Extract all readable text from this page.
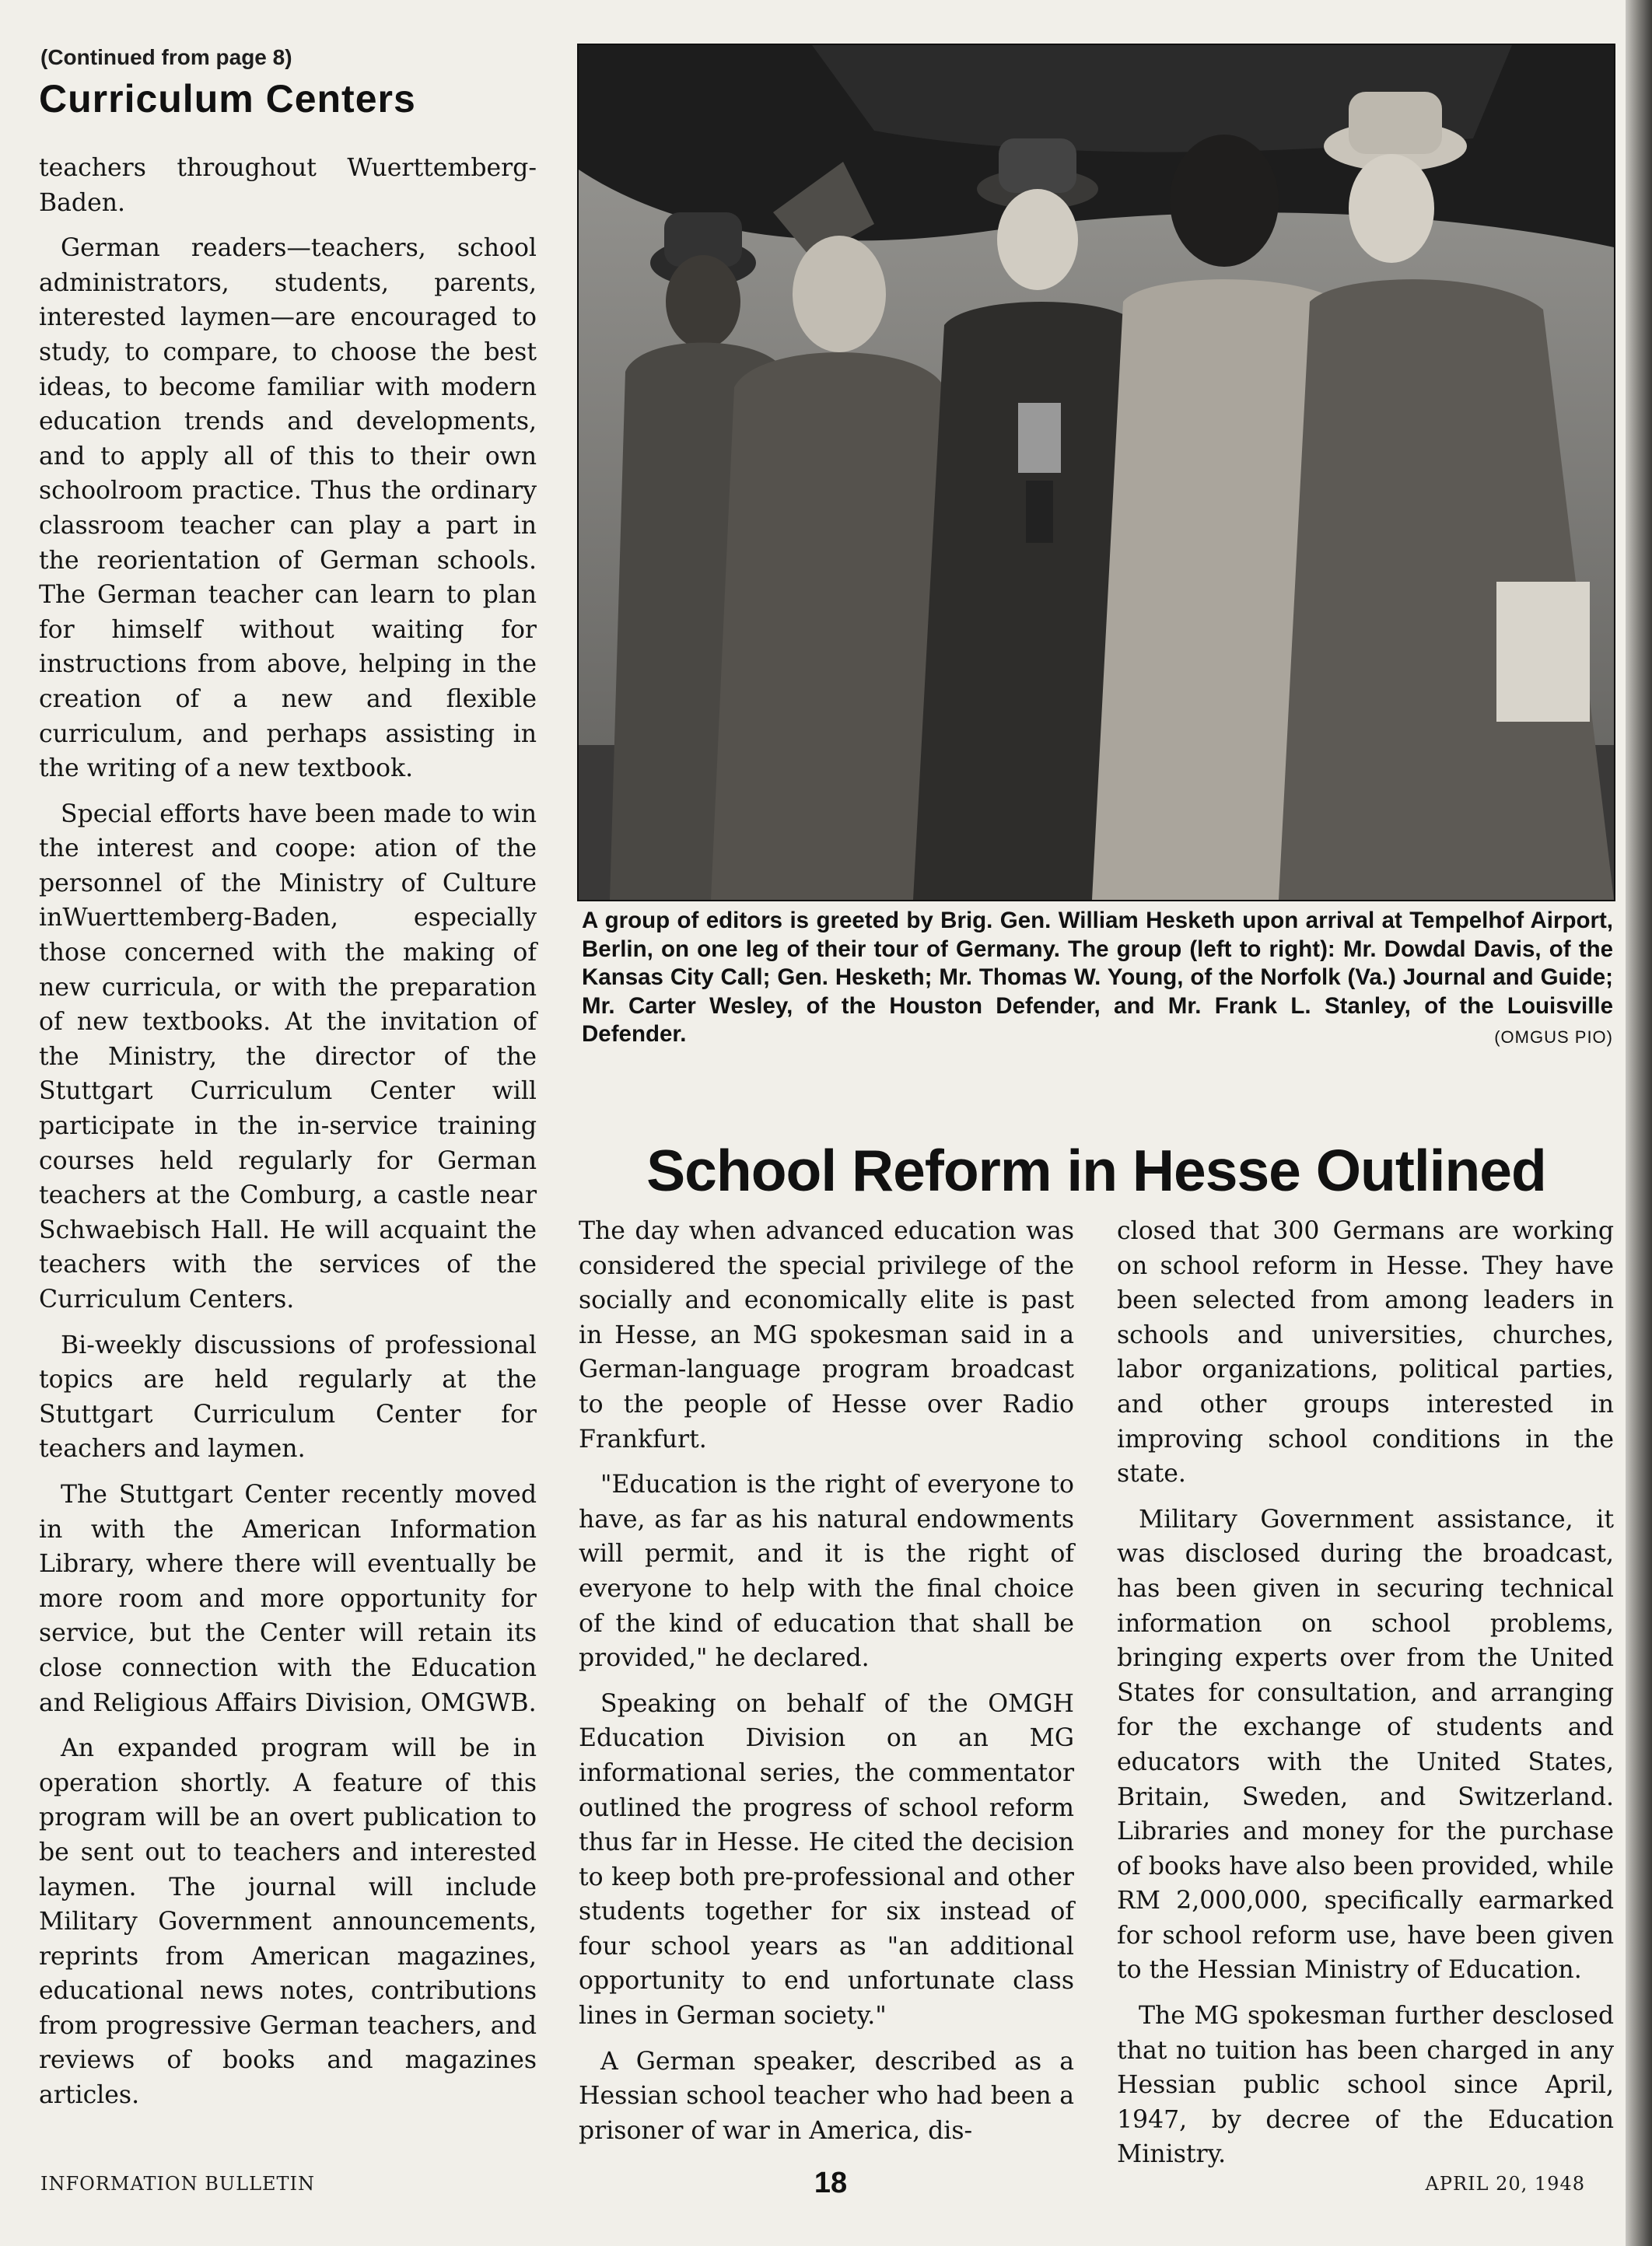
(Continued from page 8)
Curriculum Centers

teachers throughout Wuerttemberg-Baden.

German readers—teachers, school administrators, students, parents, interested laymen—are encouraged to study, to compare, to choose the best ideas, to become familiar with modern education trends and developments, and to apply all of this to their own schoolroom practice. Thus the ordinary classroom teacher can play a part in the reorientation of German schools. The German teacher can learn to plan for himself without waiting for instructions from above, helping in the creation of a new and flexible curriculum, and perhaps assisting in the writing of a new textbook.

Special efforts have been made to win the interest and coope: ation of the personnel of the Ministry of Culture inWuerttemberg-Baden, especially those concerned with the making of new curricula, or with the preparation of new textbooks. At the invitation of the Ministry, the director of the Stuttgart Curriculum Center will participate in the in-service training courses held regularly for German teachers at the Comburg, a castle near Schwaebisch Hall. He will acquaint the teachers with the services of the Curriculum Centers.

Bi-weekly discussions of professional topics are held regularly at the Stuttgart Curriculum Center for teachers and laymen.

The Stuttgart Center recently moved in with the American Information Library, where there will eventually be more room and more opportunity for service, but the Center will retain its close connection with the Education and Religious Affairs Division, OMGWB.

An expanded program will be in operation shortly. A feature of this program will be an overt publication to be sent out to teachers and interested laymen. The journal will include Military Government announcements, reprints from American magazines, educational news notes, contributions from progressive German teachers, and reviews of books and magazines articles.

A group of editors is greeted by Brig. Gen. William Hesketh upon arrival at Tempelhof Airport, Berlin, on one leg of their tour of Germany. The group (left to right): Mr. Dowdal Davis, of the Kansas City Call; Gen. Hesketh; Mr. Thomas W. Young, of the Norfolk (Va.) Journal and Guide; Mr. Carter Wesley, of the Houston Defender, and Mr. Frank L. Stanley, of the Louisville Defender.	(OMGUS PIO)
School Reform in Hesse Outlined

The day when advanced education was considered the special privilege of the socially and economically elite is past in Hesse, an MG spokesman said in a German-language program broadcast to the people of Hesse over Radio Frankfurt.

"Education is the right of everyone to have, as far as his natural endowments will permit, and it is the right of everyone to help with the final choice of the kind of education that shall be provided," he declared.

Speaking on behalf of the OMGH Education Division on an MG informational series, the commentator outlined the progress of school reform thus far in Hesse. He cited the decision to keep both pre-professional and other students together for six instead of four school years as "an additional opportunity to end unfortunate class lines in German society."

A German speaker, described as a Hessian school teacher who had been a prisoner of war in America, dis-

closed that 300 Germans are working on school reform in Hesse. They have been selected from among leaders in schools and universities, churches, labor organizations, political parties, and other groups interested in improving school conditions in the state.

Military Government assistance, it was disclosed during the broadcast, has been given in securing technical information on school problems, bringing experts over from the United States for consultation, and arranging for the exchange of students and educators with the United States, Britain, Sweden, and Switzerland. Libraries and money for the purchase of books have also been provided, while RM 2,000,000, specifically earmarked for school reform use, have been given to the Hessian Ministry of Education.

The MG spokesman further desclosed that no tuition has been charged in any Hessian public school since April, 1947, by decree of the Education Ministry.

INFORMATION BULLETIN	18	APRIL 20, 1948
